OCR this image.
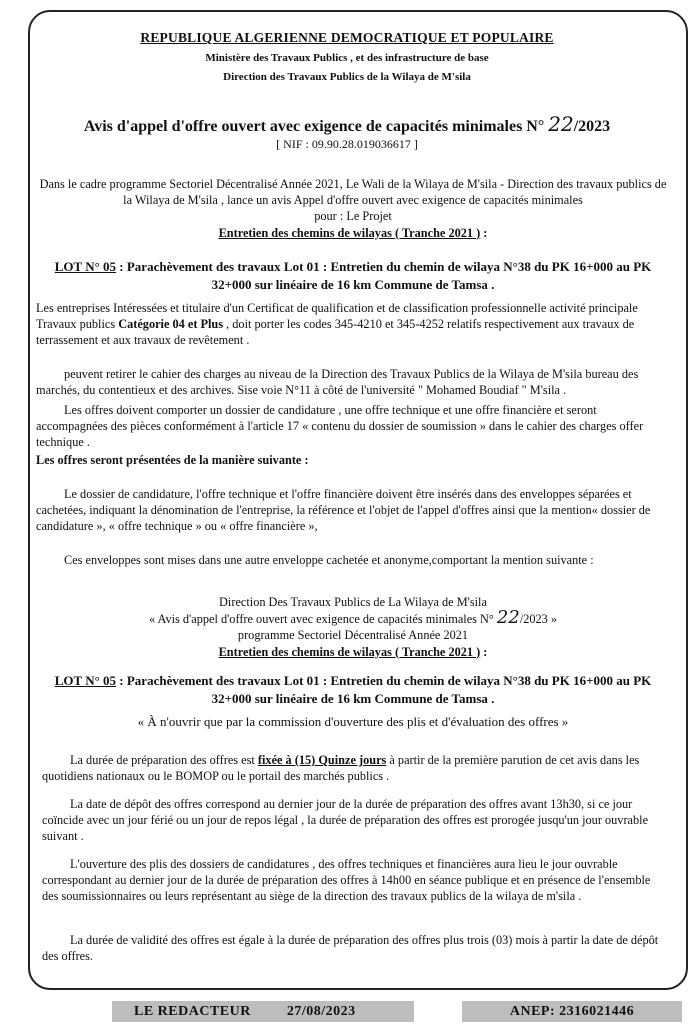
REPUBLIQUE ALGERIENNE DEMOCRATIQUE ET POPULAIRE
Ministère des Travaux Publics , et des infrastructure de base
Direction des Travaux Publics de la Wilaya de M'sila
Avis d'appel d'offre ouvert avec exigence de capacités minimales N° 22/2023
[ NIF : 09.90.28.019036617 ]

Dans le cadre programme Sectoriel Décentralisé Année 2021, Le Wali de la Wilaya de M'sila - Direction des travaux publics de la Wilaya de M'sila , lance un avis Appel d'offre ouvert avec exigence de capacités minimales

pour : Le Projet

Entretien des chemins de wilayas ( Tranche 2021 ) :

LOT N° 05 : Parachèvement des travaux Lot 01 : Entretien du chemin de wilaya N°38 du PK 16+000 au PK 32+000 sur linéaire de 16 km Commune de Tamsa .
Les entreprises Intéressées et titulaire d'un Certificat de qualification et de classification professionnelle activité principale Travaux publics Catégorie 04 et Plus , doit porter les codes 345-4210 et 345-4252 relatifs respectivement aux travaux de terrassement et aux travaux de revêtement .
peuvent retirer le cahier des charges au niveau de la Direction des Travaux Publics de la Wilaya de M'sila bureau des marchés, du contentieux et des archives. Sise voie N°11 à côté de l'université " Mohamed Boudiaf " M'sila .
Les offres doivent comporter un dossier de candidature , une offre technique et une offre financière et seront accompagnées des pièces conformément à l'article 17 « contenu du dossier de soumission » dans le cahier des charges offer technique .
Les offres seront présentées de la manière suivante :
Le dossier de candidature, l'offre technique et l'offre financière doivent être insérés dans des enveloppes séparées et cachetées, indiquant la dénomination de l'entreprise, la référence et l'objet de l'appel d'offres ainsi que la mention« dossier de candidature », « offre technique » ou « offre financière »,
Ces enveloppes sont mises dans une autre enveloppe cachetée et anonyme,comportant la mention suivante :

Direction Des Travaux Publics de La Wilaya de M'sila

« Avis d'appel d'offre ouvert avec exigence de capacités minimales N° 22/2023 »

programme Sectoriel Décentralisé Année 2021

Entretien des chemins de wilayas ( Tranche 2021 ) :

LOT N° 05 : Parachèvement des travaux Lot 01 : Entretien du chemin de wilaya N°38 du PK 16+000 au PK 32+000 sur linéaire de 16 km Commune de Tamsa .
« À n'ouvrir que par la commission d'ouverture des plis et d'évaluation des offres »
La durée de préparation des offres est fixée à (15) Quinze jours à partir de la première parution de cet avis dans les quotidiens nationaux ou le BOMOP ou le portail des marchés publics .
La date de dépôt des offres correspond au dernier jour de la durée de préparation des offres avant 13h30, si ce jour coïncide avec un jour férié ou un jour de repos légal , la durée de préparation des offres est prorogée jusqu'un jour ouvrable suivant .
L'ouverture des plis des dossiers de candidatures , des offres techniques et financières aura lieu le jour ouvrable correspondant au dernier jour de la durée de préparation des offres à 14h00 en séance publique et en présence de l'ensemble des soumissionnaires ou leurs représentant au siège de la direction des travaux publics de la wilaya de m'sila .
La durée de validité des offres est égale à la durée de préparation des offres plus trois (03) mois à partir la date de dépôt des offres.
LE REDACTEUR	27/08/2023	ANEP: 2316021446
